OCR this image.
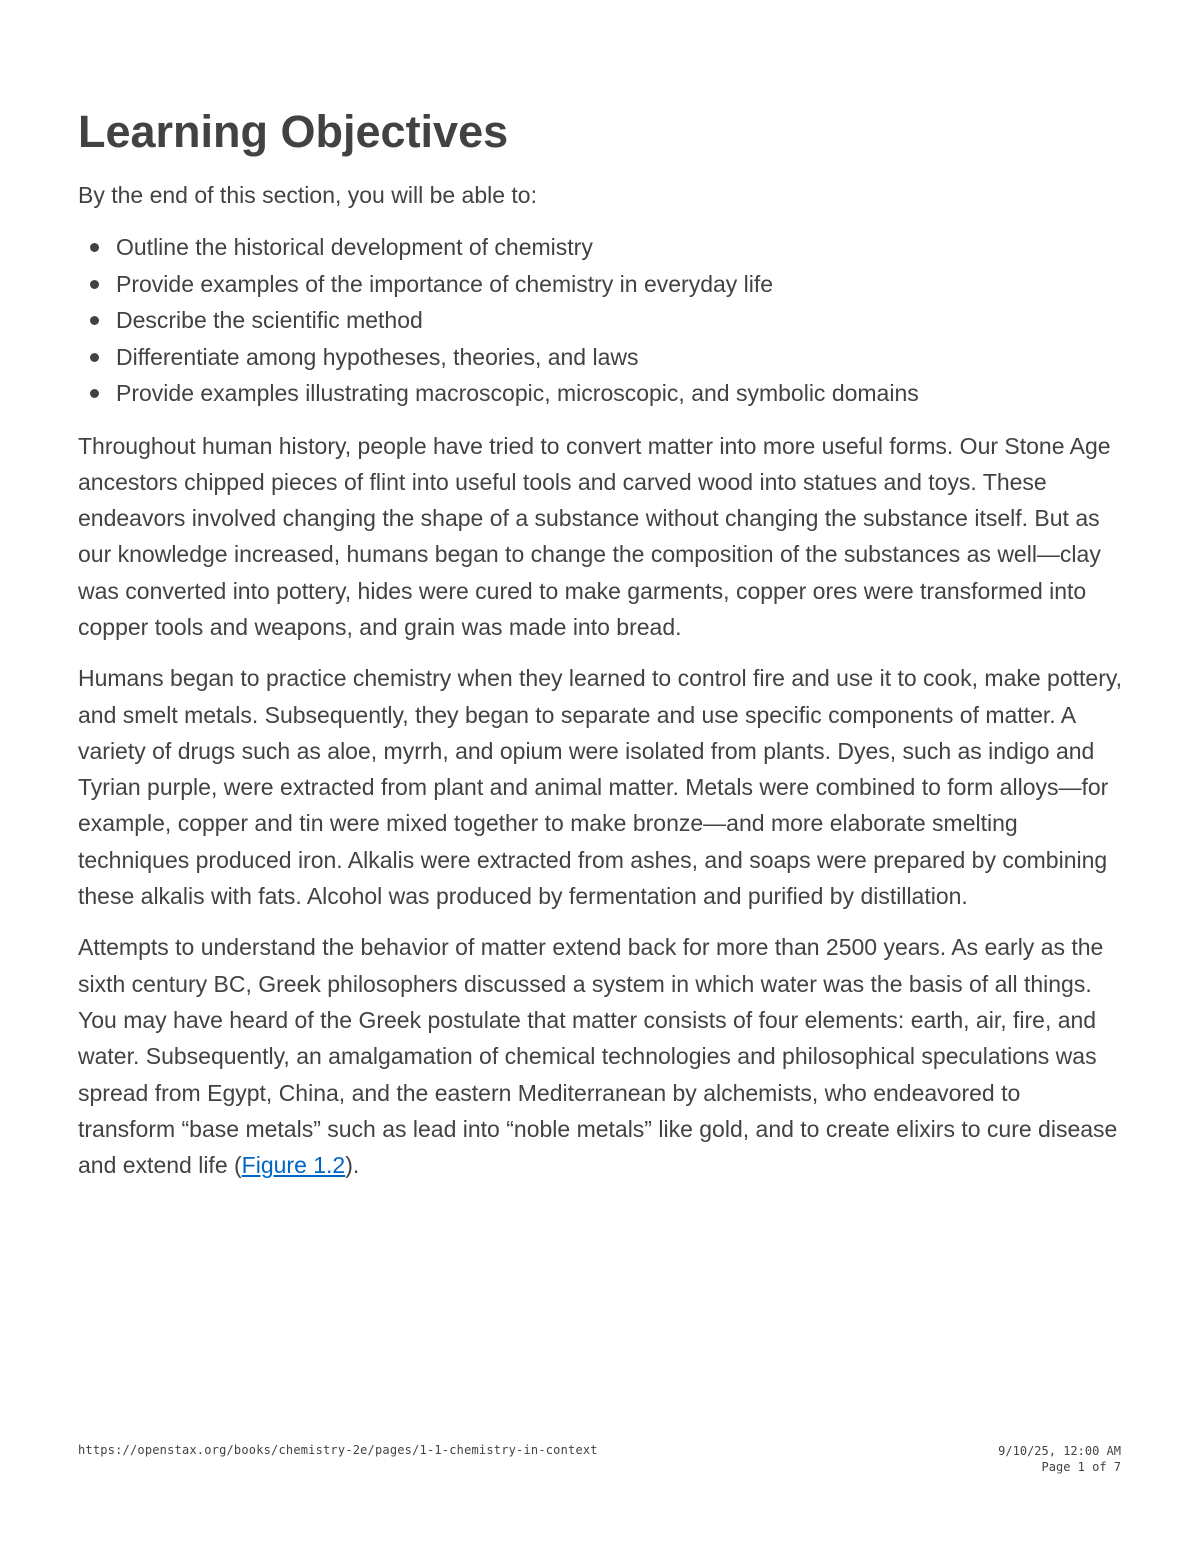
Learning Objectives

By the end of this section, you will be able to:

Outline the historical development of chemistry
Provide examples of the importance of chemistry in everyday life
Describe the scientific method
Differentiate among hypotheses, theories, and laws
Provide examples illustrating macroscopic, microscopic, and symbolic domains

Throughout human history, people have tried to convert matter into more useful forms. Our Stone Age ancestors chipped pieces of flint into useful tools and carved wood into statues and toys. These endeavors involved changing the shape of a substance without changing the substance itself. But as our knowledge increased, humans began to change the composition of the substances as well—clay was converted into pottery, hides were cured to make garments, copper ores were transformed into copper tools and weapons, and grain was made into bread.

Humans began to practice chemistry when they learned to control fire and use it to cook, make pottery, and smelt metals. Subsequently, they began to separate and use specific components of matter. A variety of drugs such as aloe, myrrh, and opium were isolated from plants. Dyes, such as indigo and Tyrian purple, were extracted from plant and animal matter. Metals were combined to form alloys—for example, copper and tin were mixed together to make bronze—and more elaborate smelting techniques produced iron. Alkalis were extracted from ashes, and soaps were prepared by combining these alkalis with fats. Alcohol was produced by fermentation and purified by distillation.

Attempts to understand the behavior of matter extend back for more than 2500 years. As early as the sixth century BC, Greek philosophers discussed a system in which water was the basis of all things. You may have heard of the Greek postulate that matter consists of four elements: earth, air, fire, and water. Subsequently, an amalgamation of chemical technologies and philosophical speculations was spread from Egypt, China, and the eastern Mediterranean by alchemists, who endeavored to transform “base metals” such as lead into “noble metals” like gold, and to create elixirs to cure disease and extend life (Figure 1.2).

https://openstax.org/books/chemistry-2e/pages/1-1-chemistry-in-context	9/10/25, 12:00 AM
Page 1 of 7
